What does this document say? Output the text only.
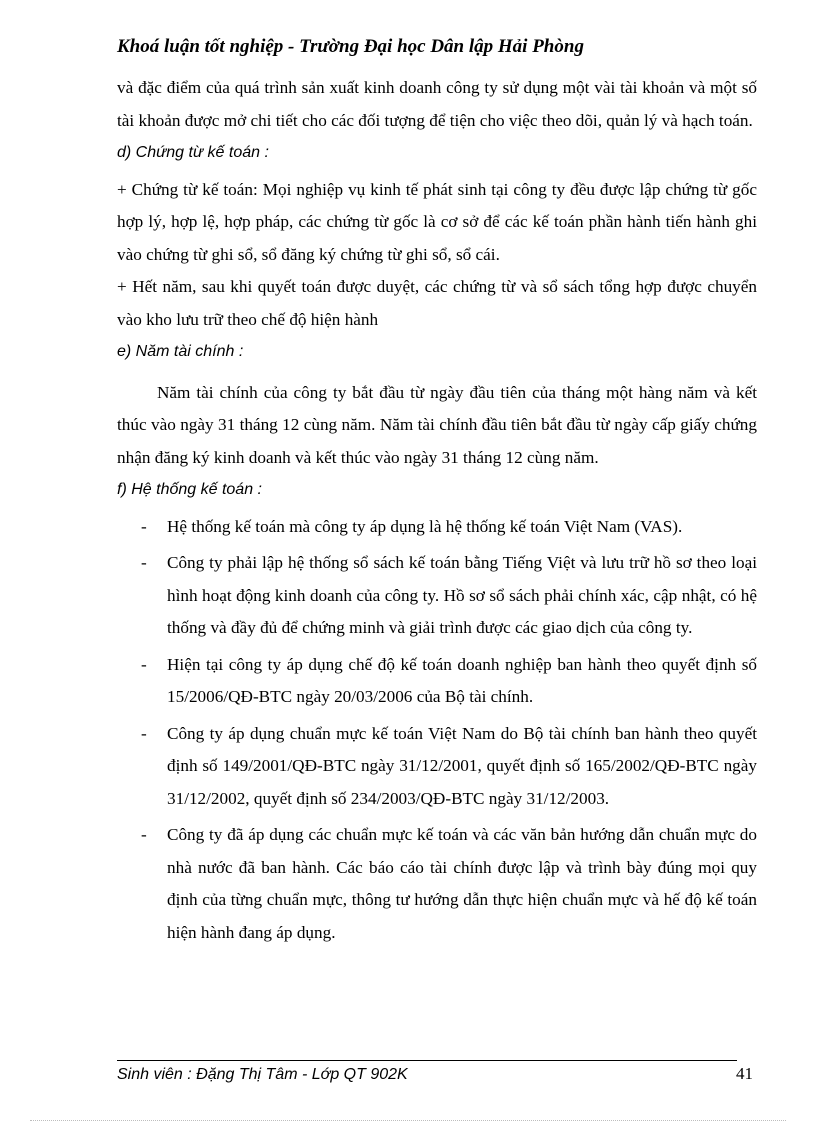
Khoá luận tốt nghiệp - Trường Đại học Dân lập Hải Phòng

và đặc điểm của quá trình sản xuất kinh doanh công ty sử dụng một vài tài khoản và một số tài khoản được mở chi tiết cho các đối tượng để tiện cho việc theo dõi, quản lý và hạch toán.

d) Chứng từ kế toán :

+ Chứng từ kế toán: Mọi nghiệp vụ kinh tế phát sinh tại công ty đều được lập chứng từ gốc hợp lý, hợp lệ, hợp pháp, các chứng từ gốc là cơ sở để các kế toán phần hành tiến hành ghi vào chứng từ ghi sổ, sổ đăng ký chứng từ ghi sổ, sổ cái.

+ Hết năm, sau khi quyết toán được duyệt, các chứng từ và sổ sách tổng hợp được chuyển vào kho lưu trữ theo chế độ hiện hành

e) Năm tài chính :

Năm tài chính của công ty bắt đầu từ ngày đầu tiên của tháng một hàng năm và kết thúc vào ngày 31 tháng 12 cùng năm. Năm tài chính đầu tiên bắt đầu từ ngày cấp giấy chứng nhận đăng ký kinh doanh và kết thúc vào ngày 31 tháng 12 cùng năm.

f) Hệ thống kế toán :
- Hệ thống kế toán mà công ty áp dụng là hệ thống kế toán Việt Nam (VAS).
- Công ty phải lập hệ thống sổ sách kế toán bằng Tiếng Việt và lưu trữ hồ sơ theo loại hình hoạt động kinh doanh của công ty. Hồ sơ sổ sách phải chính xác, cập nhật, có hệ thống và đầy đủ để chứng minh và giải trình được các giao dịch của công ty.
- Hiện tại công ty áp dụng chế độ kế toán doanh nghiệp ban hành theo quyết định số 15/2006/QĐ-BTC ngày 20/03/2006 của Bộ tài chính.
- Công ty áp dụng chuẩn mực kế toán Việt Nam do Bộ tài chính ban hành theo quyết định số 149/2001/QĐ-BTC ngày 31/12/2001, quyết định số 165/2002/QĐ-BTC ngày 31/12/2002, quyết định số 234/2003/QĐ-BTC ngày 31/12/2003.
- Công ty đã áp dụng các chuẩn mực kế toán và các văn bản hướng dẫn chuẩn mực do nhà nước đã ban hành. Các báo cáo tài chính được lập và trình bày đúng mọi quy định của từng chuẩn mực, thông tư hướng dẫn thực hiện chuẩn mực và hế độ kế toán hiện hành đang áp dụng.
Sinh viên : Đặng Thị Tâm - Lớp QT 902K	41
